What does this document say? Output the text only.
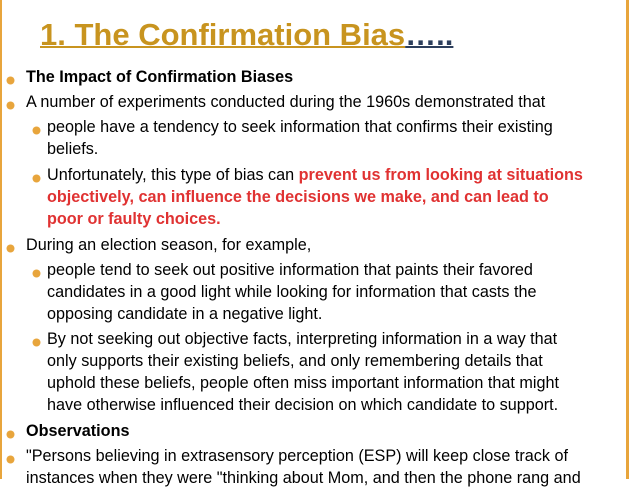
1. The Confirmation Bias…..
The Impact of Confirmation Biases
A number of experiments conducted during the 1960s demonstrated that
people have a tendency to seek information that confirms their existing
beliefs.
Unfortunately, this type of bias can prevent us from looking at situations
objectively, can influence the decisions we make, and can lead to
poor or faulty choices.
During an election season, for example,
people tend to seek out positive information that paints their favored
candidates in a good light while looking for information that casts the
opposing candidate in a negative light.
By not seeking out objective facts, interpreting information in a way that
only supports their existing beliefs, and only remembering details that
uphold these beliefs, people often miss important information that might
have otherwise influenced their decision on which candidate to support.
Observations
"Persons believing in extrasensory perception (ESP) will keep close track of
instances when they were "thinking about Mom, and then the phone rang and
